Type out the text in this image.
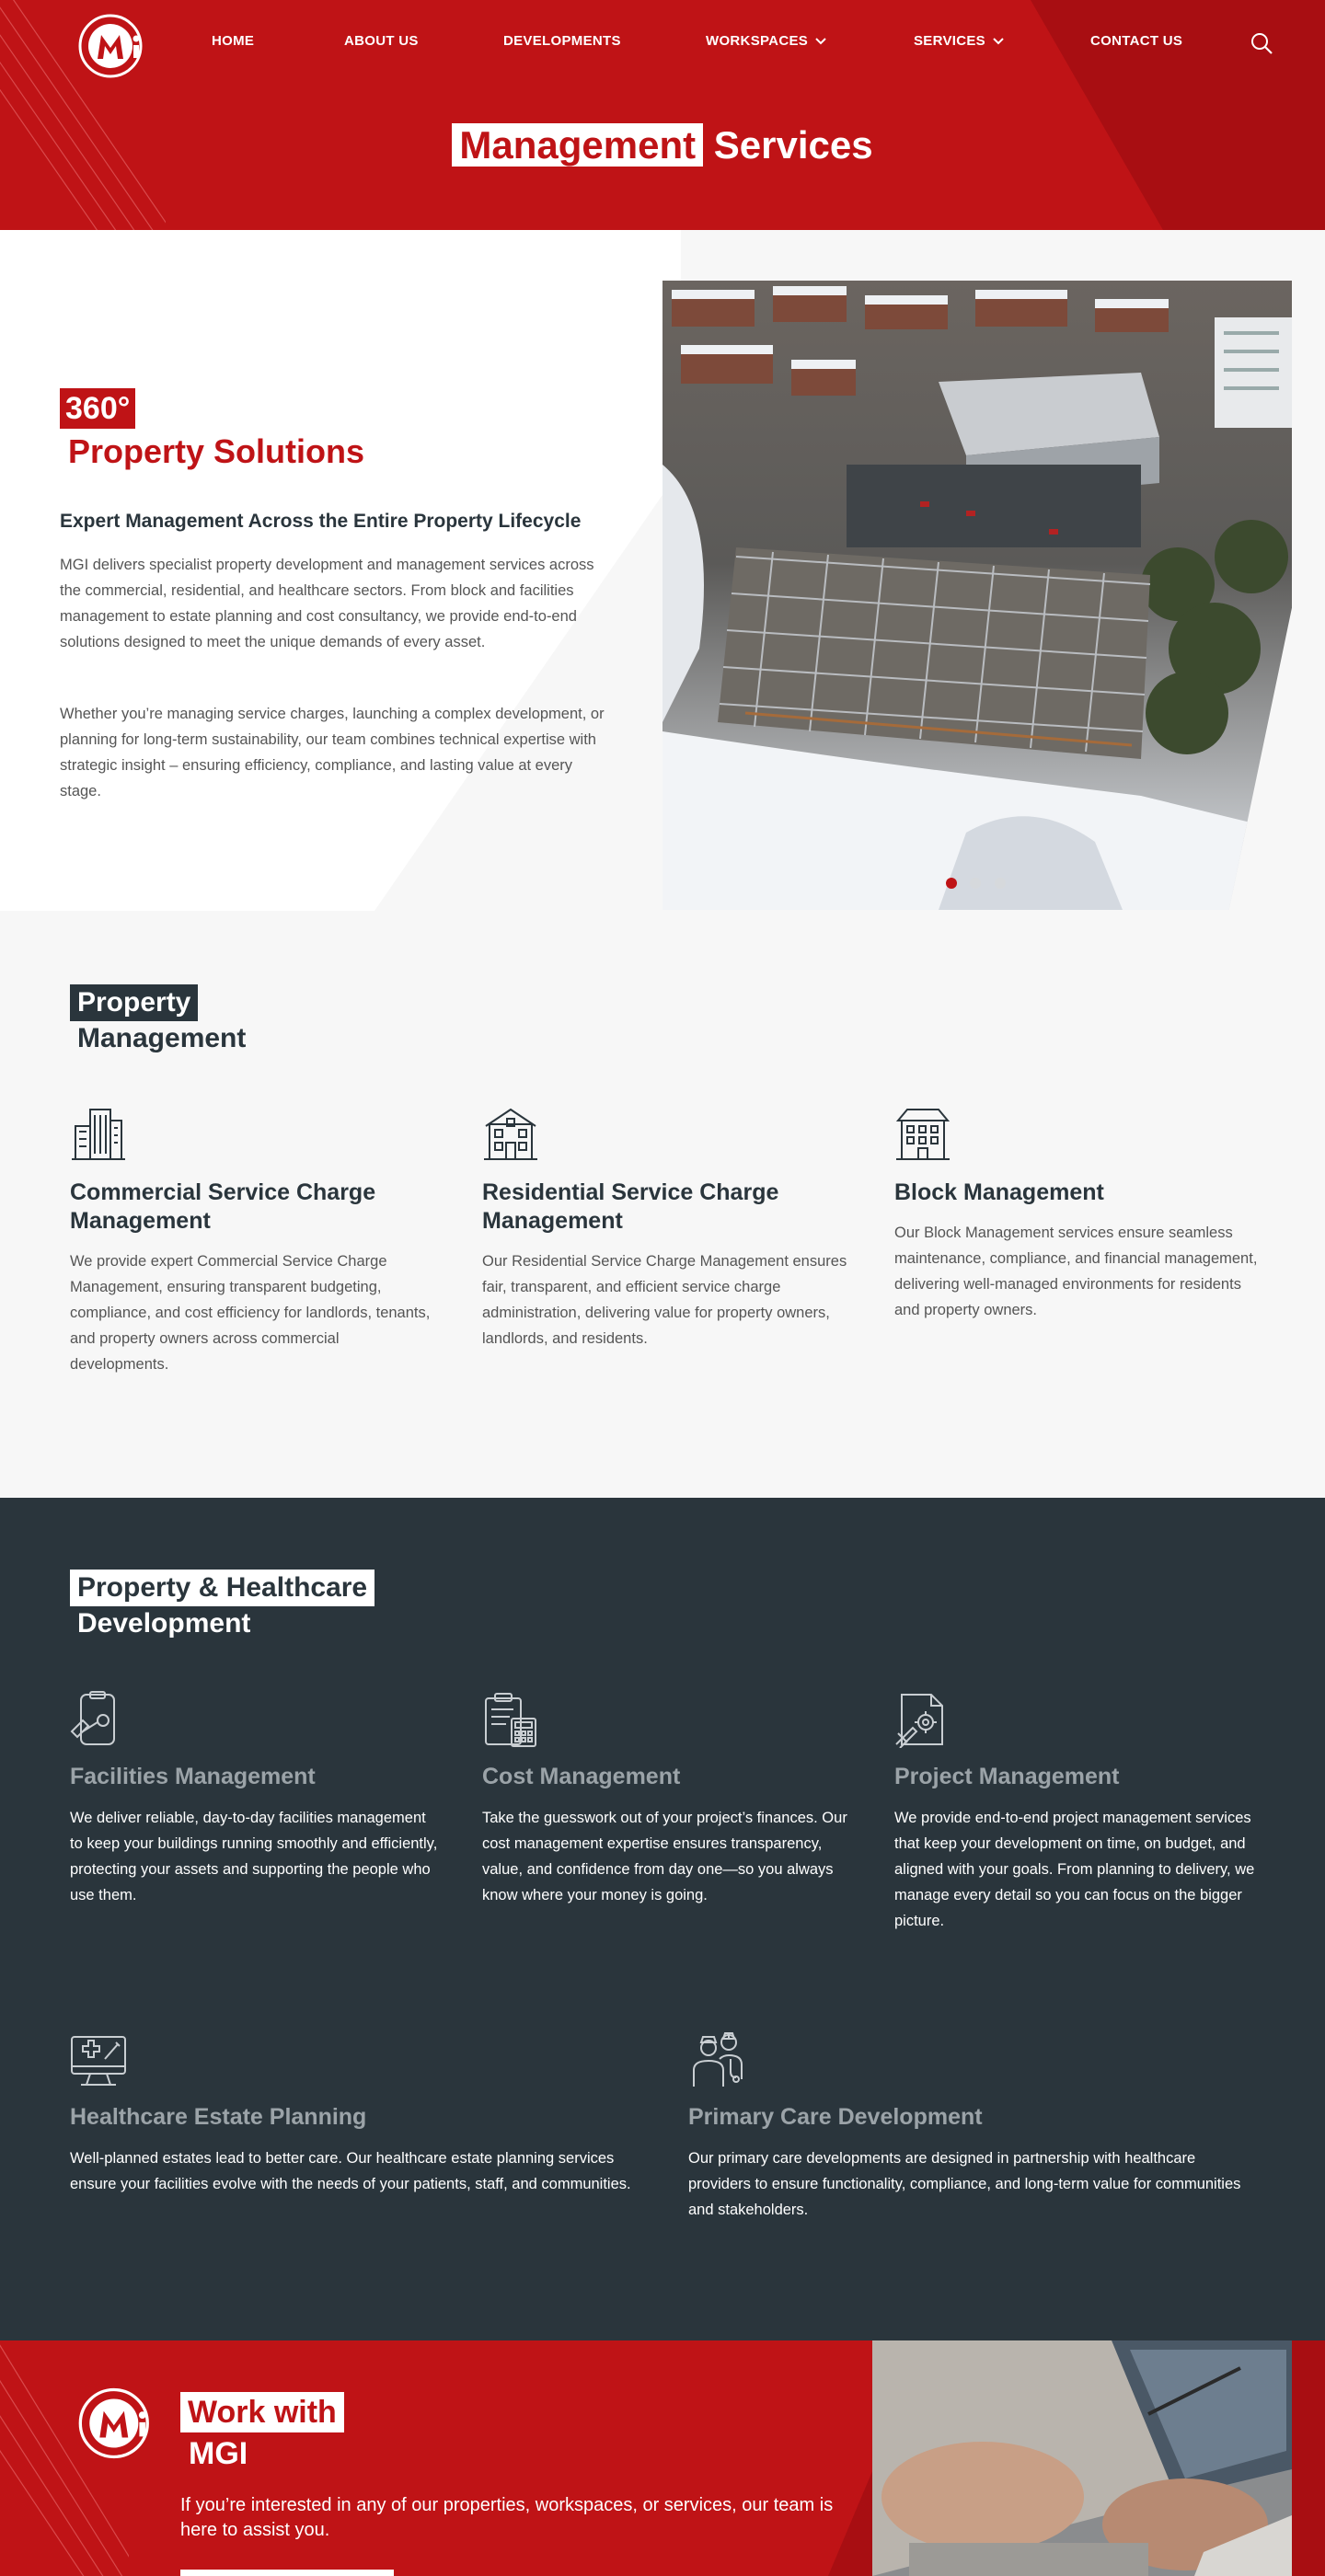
HOME	ABOUT US	DEVELOPMENTS	WORKSPACES	SERVICES	CONTACT US
Management Services
360°
Property Solutions
Expert Management Across the Entire Property Lifecycle

MGI delivers specialist property development and management services across the commercial, residential, and healthcare sectors. From block and facilities management to estate planning and cost consultancy, we provide end-to-end solutions designed to meet the unique demands of every asset.

Whether you’re managing service charges, launching a complex development, or planning for long-term sustainability, our team combines technical expertise with strategic insight – ensuring efficiency, compliance, and lasting value at every stage.

Property
Management
Commercial Service Charge Management

We provide expert Commercial Service Charge Management, ensuring transparent budgeting, compliance, and cost efficiency for landlords, tenants, and property owners across commercial developments.

Residential Service Charge Management

Our Residential Service Charge Management ensures fair, transparent, and efficient service charge administration, delivering value for property owners, landlords, and residents.

Block Management

Our Block Management services ensure seamless maintenance, compliance, and financial management, delivering well-managed environments for residents and property owners.

Property & Healthcare
Development
Facilities Management

We deliver reliable, day-to-day facilities management to keep your buildings running smoothly and efficiently, protecting your assets and supporting the people who use them.

Cost Management

Take the guesswork out of your project’s finances. Our cost management expertise ensures transparency, value, and confidence from day one—so you always know where your money is going.

Project Management

We provide end-to-end project management services that keep your development on time, on budget, and aligned with your goals. From planning to delivery, we manage every detail so you can focus on the bigger picture.

Healthcare Estate Planning

Well-planned estates lead to better care. Our healthcare estate planning services ensure your facilities evolve with the needs of your patients, staff, and communities.

Primary Care Development

Our primary care developments are designed in partnership with healthcare providers to ensure functionality, compliance, and long-term value for communities and stakeholders.

Work with
MGI

If you’re interested in any of our properties, workspaces, or services, our team is here to assist you.
